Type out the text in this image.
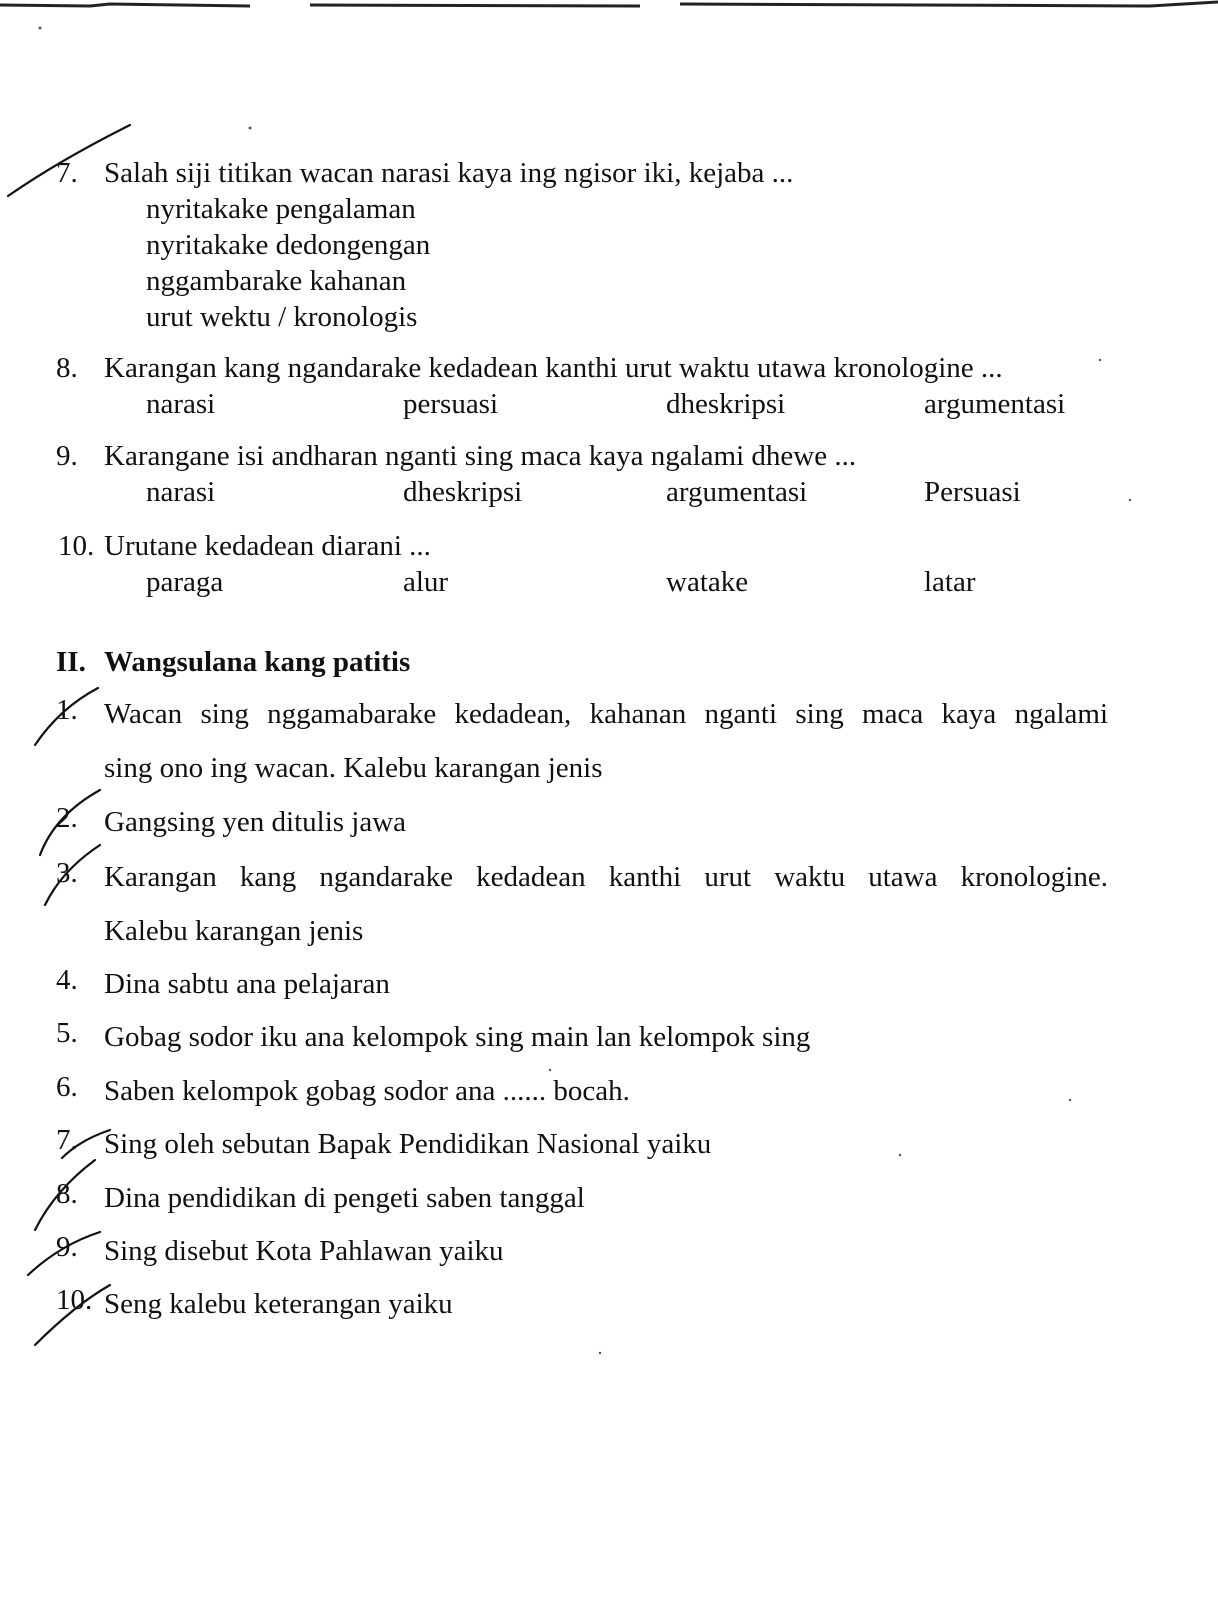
7. Salah siji titikan wacan narasi kaya ing ngisor iki, kejaba ...
nyritakake pengalaman
nyritakake dedongengan
nggambarake kahanan
urut wektu / kronologis
8. Karangan kang ngandarake kedadean kanthi urut waktu utawa kronologine ...
narasi	persuasi	dheskripsi	argumentasi
9. Karangane isi andharan nganti sing maca kaya ngalami dhewe ...
narasi	dheskripsi	argumentasi	Persuasi
10. Urutane kedadean diarani ...
paraga	alur	watake	latar
II. Wangsulana kang patitis
1. Wacan sing nggamabarake kedadean, kahanan nganti sing maca kaya ngalami
sing ono ing wacan. Kalebu karangan jenis
2. Gangsing yen ditulis jawa
3. Karangan kang ngandarake kedadean kanthi urut waktu utawa kronologine.
Kalebu karangan jenis
4. Dina sabtu ana pelajaran
5. Gobag sodor iku ana kelompok sing main lan kelompok sing
6. Saben kelompok gobag sodor ana ...... bocah.
7. Sing oleh sebutan Bapak Pendidikan Nasional yaiku
8. Dina pendidikan di pengeti saben tanggal
9. Sing disebut Kota Pahlawan yaiku
10. Seng kalebu keterangan yaiku
